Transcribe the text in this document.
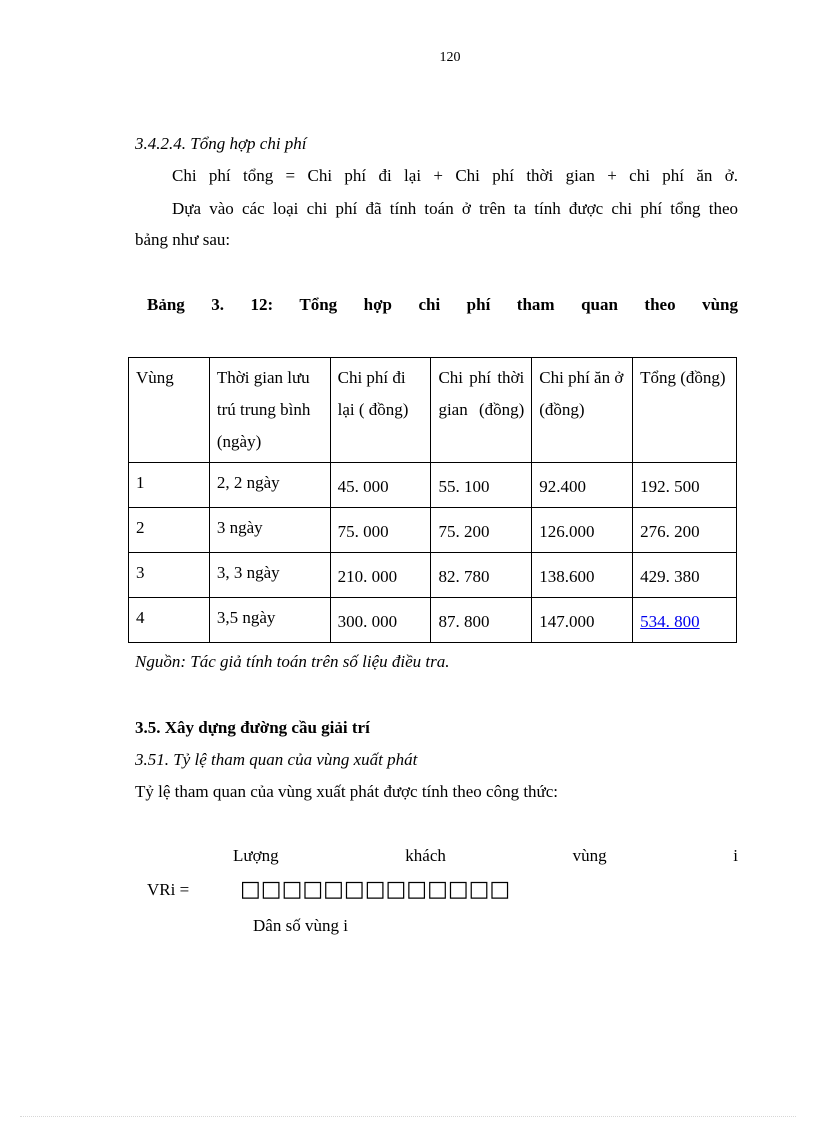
120
3.4.2.4. Tổng hợp chi phí
Chi phí tổng = Chi phí đi lại + Chi phí thời gian + chi phí ăn ở.
Dựa vào các loại chi phí đã tính toán ở trên ta tính được chi phí tổng theo
bảng như sau:
Bảng 3. 12: Tổng hợp chi phí tham quan theo vùng
Vùng	Thời gian lưu trú trung bình (ngày)	Chi phí đi lại ( đồng)	Chi phí thời gian (đồng)	Chi phí ăn ở (đồng)	Tổng (đồng)
1	2, 2 ngày	45. 000	55. 100	92.400	192. 500
2	3 ngày	75. 000	75. 200	126.000	276. 200
3	3, 3 ngày	210. 000	82. 780	138.600	429. 380
4	3,5 ngày	300. 000	87. 800	147.000	534. 800
Nguồn: Tác giả tính toán trên số liệu điều tra.
3.5. Xây dựng đường cầu giải trí
3.51. Tỷ lệ tham quan của vùng xuất phát
Tỷ lệ tham quan của vùng xuất phát được tính theo công thức:
Lượng khách vùng i
VRi = □□□□□□□□□□□□□
Dân số vùng i
